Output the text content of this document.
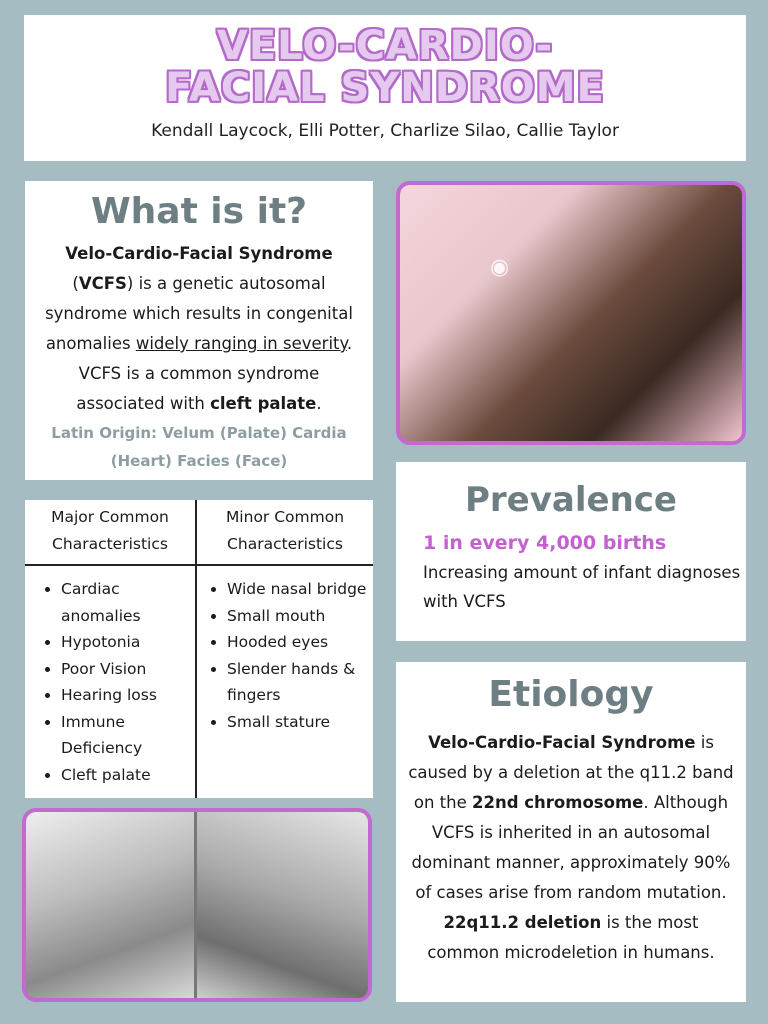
VELO-CARDIO-
FACIAL SYNDROME
Kendall Laycock, Elli Potter, Charlize Silao, Callie Taylor
What is it?

Velo-Cardio-Facial Syndrome (VCFS) is a genetic autosomal syndrome which results in congenital anomalies widely ranging in severity. VCFS is a common syndrome associated with cleft palate.

Latin Origin: Velum (Palate) Cardia (Heart) Facies (Face)

◉
Major Common Characteristics
• Cardiac anomalies
• Hypotonia
• Poor Vision
• Hearing loss
• Immune Deficiency
• Cleft palate
Minor Common Characteristics
• Wide nasal bridge
• Small mouth
• Hooded eyes
• Slender hands & fingers
• Small stature
Prevalence
1 in every 4,000 births
Increasing amount of infant diagnoses with VCFS
Etiology

Velo-Cardio-Facial Syndrome is caused by a deletion at the q11.2 band on the 22nd chromosome. Although VCFS is inherited in an autosomal dominant manner, approximately 90% of cases arise from random mutation. 22q11.2 deletion is the most common microdeletion in humans.
